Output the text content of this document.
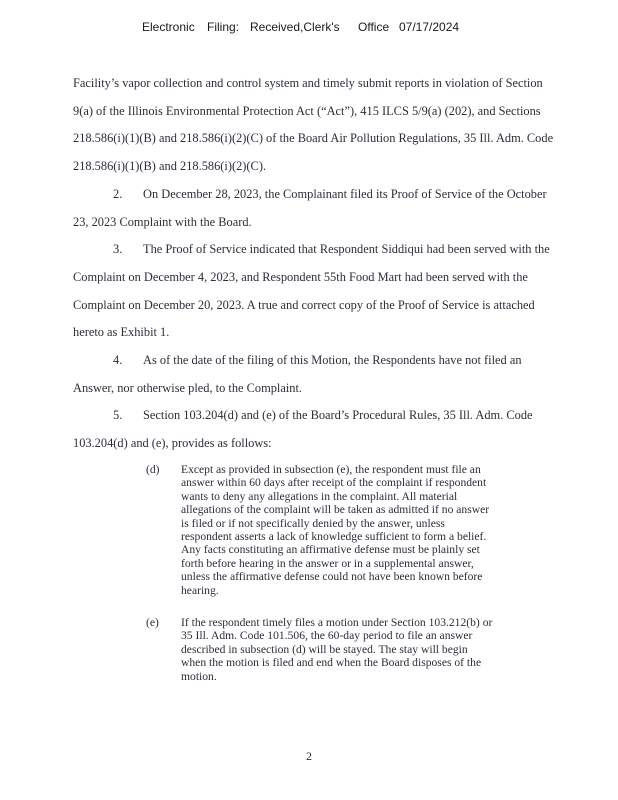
Electronic Filing: Received,Clerk's Office 07/17/2024

Facility’s vapor collection and control system and timely submit reports in violation of Section

9(a) of the Illinois Environmental Protection Act (“Act”), 415 ILCS 5/9(a) (202), and Sections

218.586(i)(1)(B) and 218.586(i)(2)(C) of the Board Air Pollution Regulations, 35 Ill. Adm. Code

218.586(i)(1)(B) and 218.586(i)(2)(C).

2. On December 28, 2023, the Complainant filed its Proof of Service of the October

23, 2023 Complaint with the Board.

3. The Proof of Service indicated that Respondent Siddiqui had been served with the

Complaint on December 4, 2023, and Respondent 55th Food Mart had been served with the

Complaint on December 20, 2023. A true and correct copy of the Proof of Service is attached

hereto as Exhibit 1.

4. As of the date of the filing of this Motion, the Respondents have not filed an

Answer, nor otherwise pled, to the Complaint.

5. Section 103.204(d) and (e) of the Board’s Procedural Rules, 35 Ill. Adm. Code

103.204(d) and (e), provides as follows:

(d) Except as provided in subsection (e), the respondent must file an
answer within 60 days after receipt of the complaint if respondent
wants to deny any allegations in the complaint. All material
allegations of the complaint will be taken as admitted if no answer
is filed or if not specifically denied by the answer, unless
respondent asserts a lack of knowledge sufficient to form a belief.
Any facts constituting an affirmative defense must be plainly set
forth before hearing in the answer or in a supplemental answer,
unless the affirmative defense could not have been known before
hearing.
(e) If the respondent timely files a motion under Section 103.212(b) or
35 Ill. Adm. Code 101.506, the 60-day period to file an answer
described in subsection (d) will be stayed. The stay will begin
when the motion is filed and end when the Board disposes of the
motion.
2
